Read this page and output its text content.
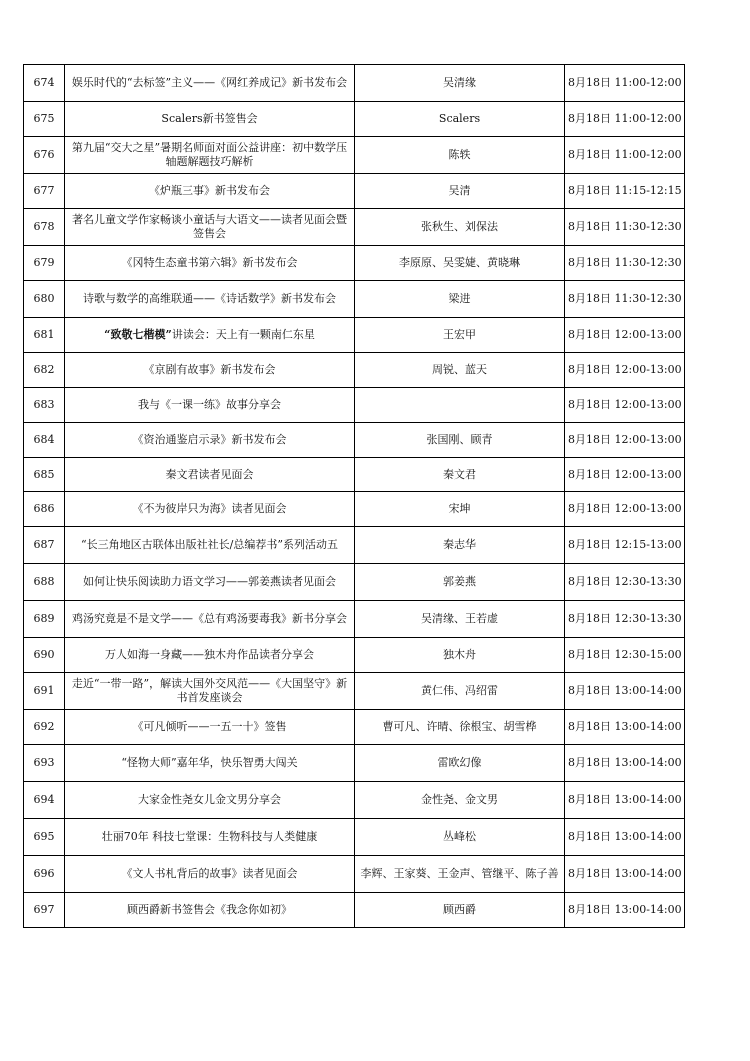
674	娱乐时代的“去标签”主义——《网红养成记》新书发布会	吴清缘	8月18日 11:00-12:00
675	Scalers新书签售会	Scalers	8月18日 11:00-12:00
676	第九届“交大之星”暑期名师面对面公益讲座：初中数学压轴题解题技巧解析	陈轶	8月18日 11:00-12:00
677	《炉瓶三事》新书发布会	吴清	8月18日 11:15-12:15
678	著名儿童文学作家畅谈小童话与大语文——读者见面会暨签售会	张秋生、刘保法	8月18日 11:30-12:30
679	《冈特生态童书第六辑》新书发布会	李原原、吴雯婕、黄晓琳	8月18日 11:30-12:30
680	诗歌与数学的高维联通——《诗话数学》新书发布会	梁进	8月18日 11:30-12:30
681	“致敬七楷模”讲读会：天上有一颗南仁东星	王宏甲	8月18日 12:00-13:00
682	《京剧有故事》新书发布会	周锐、蓝天	8月18日 12:00-13:00
683	我与《一课一练》故事分享会		8月18日 12:00-13:00
684	《资治通鉴启示录》新书发布会	张国刚、顾青	8月18日 12:00-13:00
685	秦文君读者见面会	秦文君	8月18日 12:00-13:00
686	《不为彼岸只为海》读者见面会	宋坤	8月18日 12:00-13:00
687	“长三角地区古联体出版社社长/总编荐书”系列活动五	秦志华	8月18日 12:15-13:00
688	如何让快乐阅读助力语文学习——郭姜燕读者见面会	郭姜燕	8月18日 12:30-13:30
689	鸡汤究竟是不是文学——《总有鸡汤要毒我》新书分享会	吴清缘、王若虚	8月18日 12:30-13:30
690	万人如海一身藏——独木舟作品读者分享会	独木舟	8月18日 12:30-15:00
691	走近“一带一路”，解读大国外交风范——《大国坚守》新书首发座谈会	黄仁伟、冯绍雷	8月18日 13:00-14:00
692	《可凡倾听——一五一十》签售	曹可凡、许晴、徐根宝、胡雪桦	8月18日 13:00-14:00
693	“怪物大师”嘉年华，快乐智勇大闯关	雷欧幻像	8月18日 13:00-14:00
694	大家金性尧女儿金文男分享会	金性尧、金文男	8月18日 13:00-14:00
695	壮丽70年 科技七堂课：生物科技与人类健康	丛峰松	8月18日 13:00-14:00
696	《文人书札背后的故事》读者见面会	李辉、王家葵、王金声、管继平、陈子善	8月18日 13:00-14:00
697	顾西爵新书签售会《我念你如初》	顾西爵	8月18日 13:00-14:00
